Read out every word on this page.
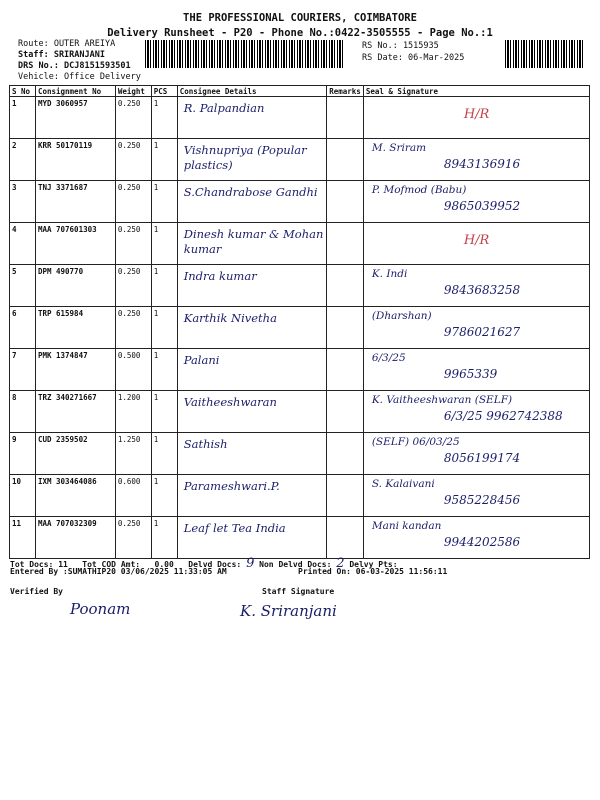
THE PROFESSIONAL COURIERS, COIMBATORE
Delivery Runsheet - P20 - Phone No.:0422-3505555 - Page No.:1
Route: OUTER AREIYA
Staff: SRIRANJANI
DRS No.: DCJ8151593501
Vehicle: Office Delivery
RS No.: 1515935
RS Date: 06-Mar-2025
S No	Consignment No	Weight	PCS	Consignee Details	Remarks	Seal & Signature
1	MYD 3060957	0.250	1	R. Palpandian		H/R

2	KRR 50170119	0.250	1	Vishnupriya (Popular plastics)		M. Sriram
8943136916

3	TNJ 3371687	0.250	1	S.Chandrabose Gandhi		P. Mofmod (Babu)
9865039952

4	MAA 707601303	0.250	1	Dinesh kumar & Mohan kumar		H/R

5	DPM 490770	0.250	1	Indra kumar		K. Indi
9843683258

6	TRP 615984	0.250	1	Karthik Nivetha		(Dharshan)
9786021627

7	PMK 1374847	0.500	1	Palani		6/3/25
9965339

8	TRZ 340271667	1.200	1	Vaitheeshwaran		K. Vaitheeshwaran (SELF)
6/3/25 9962742388

9	CUD 2359502	1.250	1	Sathish		(SELF) 06/03/25
8056199174

10	IXM 303464086	0.600	1	Parameshwari.P.		S. Kalaivani
9585228456

11	MAA 707032309	0.250	1	Leaf let Tea India		Mani kandan
9944202586
Tot Docs: 11 Tot COD Amt: 0.00 Delvd Docs: 9 Non Delvd Docs: 2 Delvy Pts:
Entered By :SUMATHIP20 03/06/2025 11:33:05 AM	Printed On: 06-03-2025 11:56:11
Verified By	Staff Signature
Poonam	K. Sriranjani
